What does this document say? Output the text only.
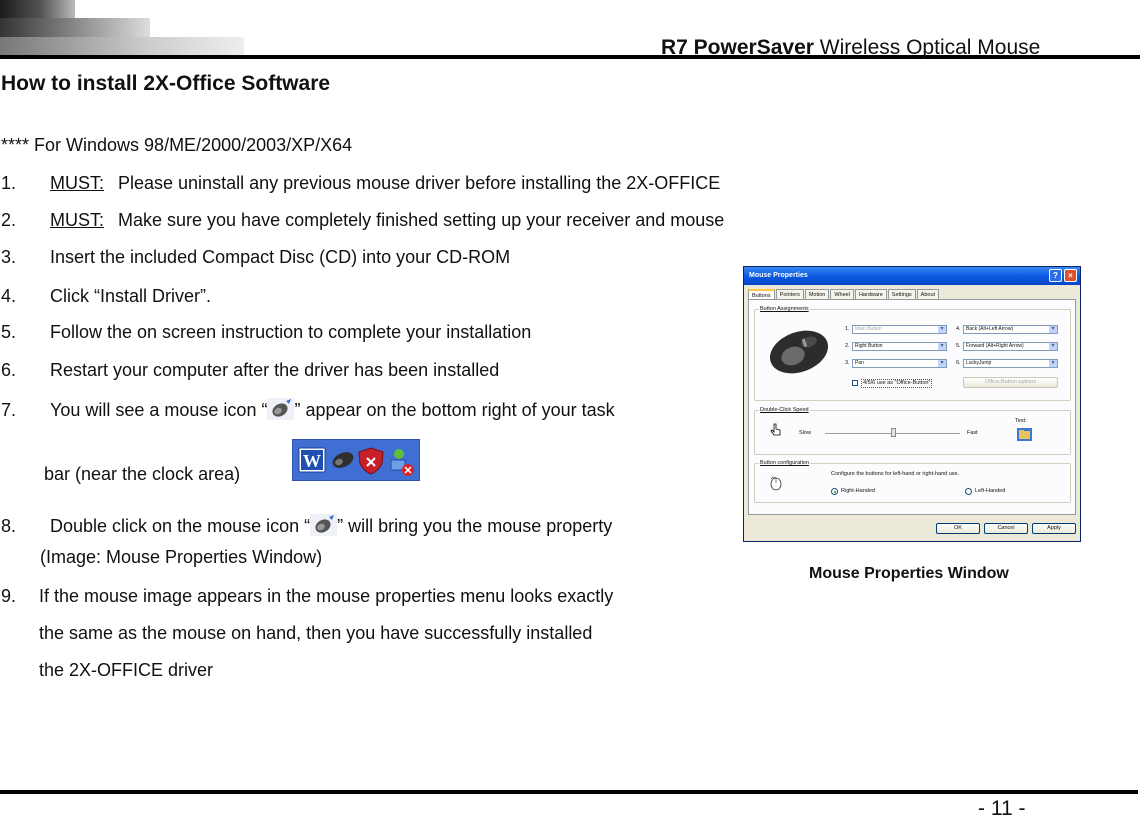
R7 PowerSaver Wireless Optical Mouse
How to install 2X-Office Software
**** For Windows 98/ME/2000/2003/XP/X64
1. MUST: Please uninstall any previous mouse driver before installing the 2X-OFFICE
2. MUST: Make sure you have completely finished setting up your receiver and mouse
3. Insert the included Compact Disc (CD) into your CD-ROM
4. Click “Install Driver”.
5. Follow the on screen instruction to complete your installation
6. Restart your computer after the driver has been installed
7. You will see a mouse icon “ ” appear on the bottom right of your task
bar (near the clock area)
W
8. Double click on the mouse icon “ ” will bring you the mouse property
(Image: Mouse Properties Window)
9. If the mouse image appears in the mouse properties menu looks exactly
the same as the mouse on hand, then you have successfully installed
the 2X-OFFICE driver
Mouse Properties	?	×
Buttons	Pointers	Motion	Wheel	Hardware	Settings	About
Button Assignments
1.	Main Button ▾
2.	Right Button ▾
3.	Pan ▾
4.	Back (Alt+Left Arrow) ▾
5.	Forward (Alt+Right Arrow) ▾
6.	LuckyJump ▾
4/5/6 use as "Office-Button"	Office-Button options
Double-Click Speed
Slow	Fast
Test:
Button configuration
Configure the buttons for left-hand or right-hand use.
Right-Handed	Left-Handed
OK	Cancel	Apply
Mouse Properties Window
- 11 -
